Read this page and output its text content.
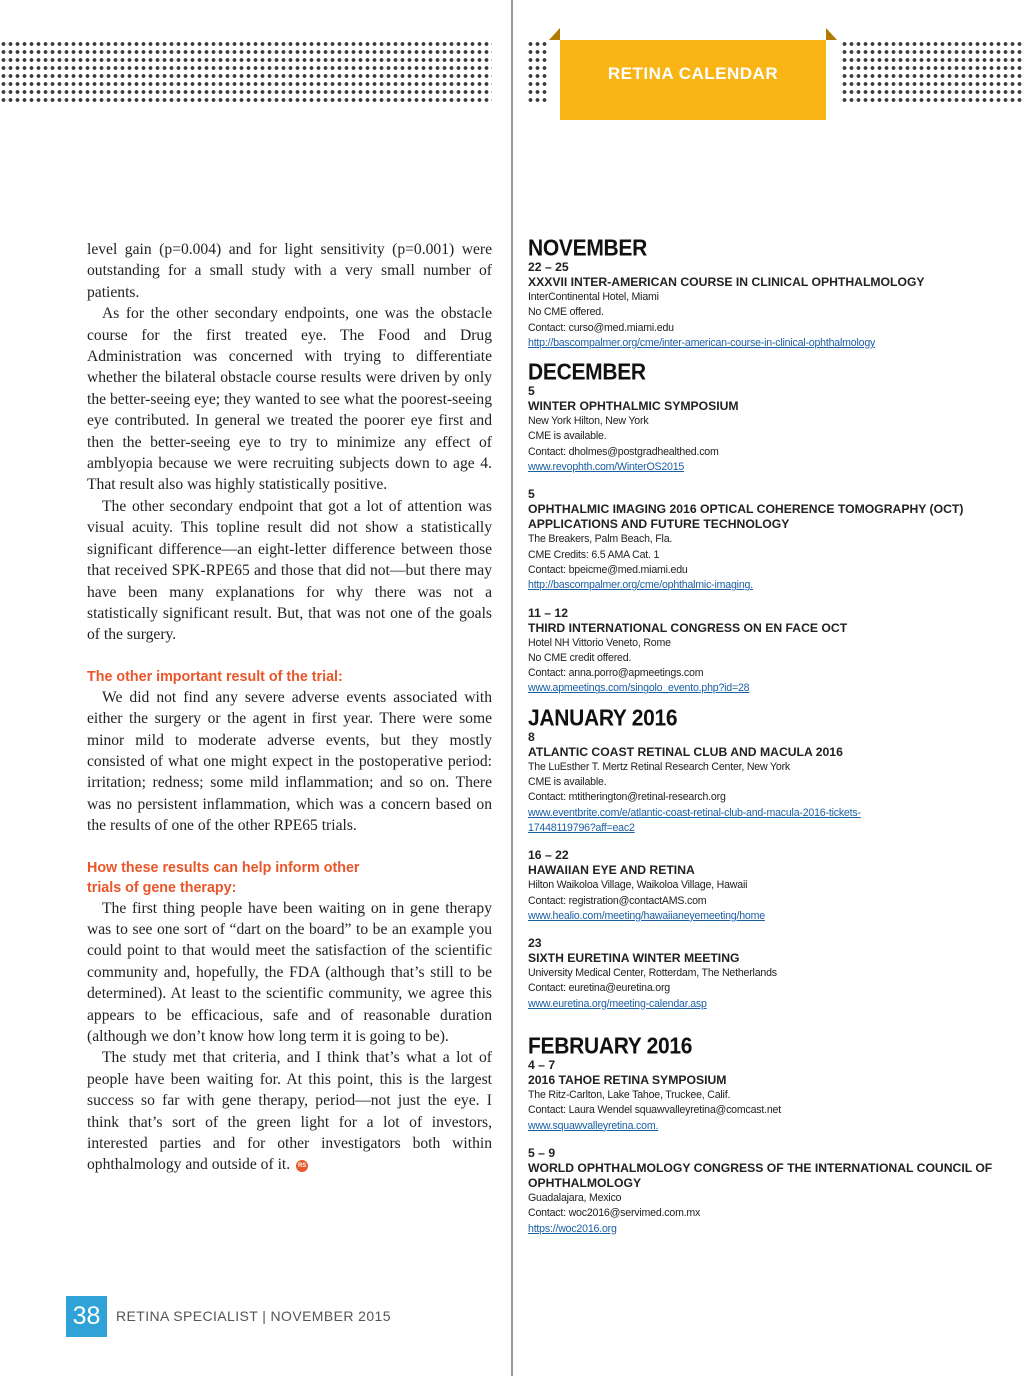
RETINA CALENDAR

level gain (p=0.004) and for light sensitivity (p=0.001) were outstanding for a small study with a very small number of patients.

As for the other secondary endpoints, one was the obstacle course for the first treated eye. The Food and Drug Administration was concerned with trying to differentiate whether the bilateral obstacle course results were driven by only the better-seeing eye; they wanted to see what the poorest-seeing eye contributed. In general we treated the poorer eye first and then the better-seeing eye to try to minimize any effect of amblyopia because we were recruiting subjects down to age 4. That result also was highly statistically positive.

The other secondary endpoint that got a lot of attention was visual acuity. This topline result did not show a statistically significant difference—an eight-letter difference between those that received SPK-RPE65 and those that did not—but there may have been many explanations for why there was not a statistically significant result. But, that was not one of the goals of the surgery.

The other important result of the trial:

We did not find any severe adverse events associated with either the surgery or the agent in first year. There were some minor mild to moderate adverse events, but they mostly consisted of what one might expect in the postoperative period: irritation; redness; some mild inflammation; and so on. There was no persistent inflammation, which was a concern based on the results of one of the other RPE65 trials.

How these results can help inform other
trials of gene therapy:

The first thing people have been waiting on in gene therapy was to see one sort of “dart on the board” to be an example you could point to that would meet the satisfaction of the scientific community and, hopefully, the FDA (although that’s still to be determined). At least to the scientific community, we agree this appears to be efficacious, safe and of reasonable duration (although we don’t know how long term it is going to be).

The study met that criteria, and I think that’s what a lot of people have been waiting for. At this point, this is the largest success so far with gene therapy, period—not just the eye. I think that’s sort of the green light for a lot of investors, interested parties and for other investigators both within ophthalmology and outside of it. RS

NOVEMBER
22 – 25
XXXVII INTER-AMERICAN COURSE IN CLINICAL OPHTHALMOLOGY
InterContinental Hotel, Miami
No CME offered.
Contact: curso@med.miami.edu
http://bascompalmer.org/cme/inter-american-course-in-clinical-ophthalmology
DECEMBER
5
WINTER OPHTHALMIC SYMPOSIUM
New York Hilton, New York
CME is available.
Contact: dholmes@postgradhealthed.com
www.revophth.com/WinterOS2015
5
OPHTHALMIC IMAGING 2016 OPTICAL COHERENCE TOMOGRAPHY (OCT) APPLICATIONS AND FUTURE TECHNOLOGY
The Breakers, Palm Beach, Fla.
CME Credits: 6.5 AMA Cat. 1
Contact: bpeicme@med.miami.edu
http://bascompalmer.org/cme/ophthalmic-imaging.
11 – 12
THIRD INTERNATIONAL CONGRESS ON EN FACE OCT
Hotel NH Vittorio Veneto, Rome
No CME credit offered.
Contact: anna.porro@apmeetings.com
www.apmeetings.com/singolo_evento.php?id=28
JANUARY 2016
8
ATLANTIC COAST RETINAL CLUB AND MACULA 2016
The LuEsther T. Mertz Retinal Research Center, New York
CME is available.
Contact: mtitherington@retinal-research.org
www.eventbrite.com/e/atlantic-coast-retinal-club-and-macula-2016-tickets-
17448119796?aff=eac2
16 – 22
HAWAIIAN EYE AND RETINA
Hilton Waikoloa Village, Waikoloa Village, Hawaii
Contact: registration@contactAMS.com
www.healio.com/meeting/hawaiianeyemeeting/home
23
SIXTH EURETINA WINTER MEETING
University Medical Center, Rotterdam, The Netherlands
Contact: euretina@euretina.org
www.euretina.org/meeting-calendar.asp
FEBRUARY 2016
4 – 7
2016 TAHOE RETINA SYMPOSIUM
The Ritz-Carlton, Lake Tahoe, Truckee, Calif.
Contact: Laura Wendel squawvalleyretina@comcast.net
www.squawvalleyretina.com.
5 – 9
WORLD OPHTHALMOLOGY CONGRESS OF THE INTERNATIONAL COUNCIL OF OPHTHALMOLOGY
Guadalajara, Mexico
Contact: woc2016@servimed.com.mx
https://woc2016.org
38	RETINA SPECIALIST | NOVEMBER 2015
